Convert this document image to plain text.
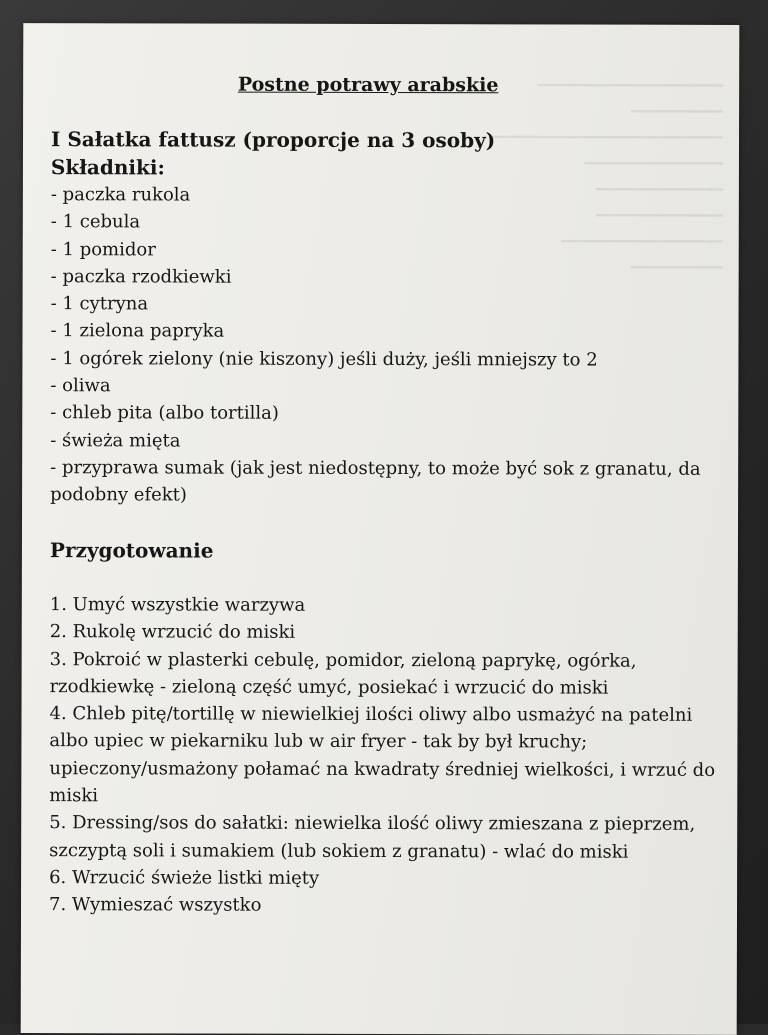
▁▁▁▁▁▁▁▁▁▁▁▁▁▁▁▁
▁▁▁▁▁▁▁▁
▁▁▁▁▁▁▁▁▁▁▁▁▁▁▁▁▁▁▁▁
▁▁▁▁▁▁▁▁▁▁▁▁
▁▁▁▁▁▁▁▁▁▁▁
▁▁▁▁▁▁▁▁▁▁▁
▁▁▁▁▁▁▁▁▁▁▁▁▁▁
▁▁▁▁▁▁▁▁
Postne potrawy arabskie
I Sałatka fattusz (proporcje na 3 osoby)
Składniki:
- paczka rukola
- 1 cebula
- 1 pomidor
- paczka rzodkiewki
- 1 cytryna
- 1 zielona papryka
- 1 ogórek zielony (nie kiszony) jeśli duży, jeśli mniejszy to 2
- oliwa
- chleb pita (albo tortilla)
- świeża mięta
- przyprawa sumak (jak jest niedostępny, to może być sok z granatu, da podobny efekt)
Przygotowanie
1. Umyć wszystkie warzywa
2. Rukolę wrzucić do miski
3. Pokroić w plasterki cebulę, pomidor, zieloną paprykę, ogórka, rzodkiewkę - zieloną część umyć, posiekać i wrzucić do miski
4. Chleb pitę/tortillę w niewielkiej ilości oliwy albo usmażyć na patelni albo upiec w piekarniku lub w air fryer - tak by był kruchy; upieczony/usmażony połamać na kwadraty średniej wielkości, i wrzuć do miski
5. Dressing/sos do sałatki: niewielka ilość oliwy zmieszana z pieprzem, szczyptą soli i sumakiem (lub sokiem z granatu) - wlać do miski
6. Wrzucić świeże listki mięty
7. Wymieszać wszystko
